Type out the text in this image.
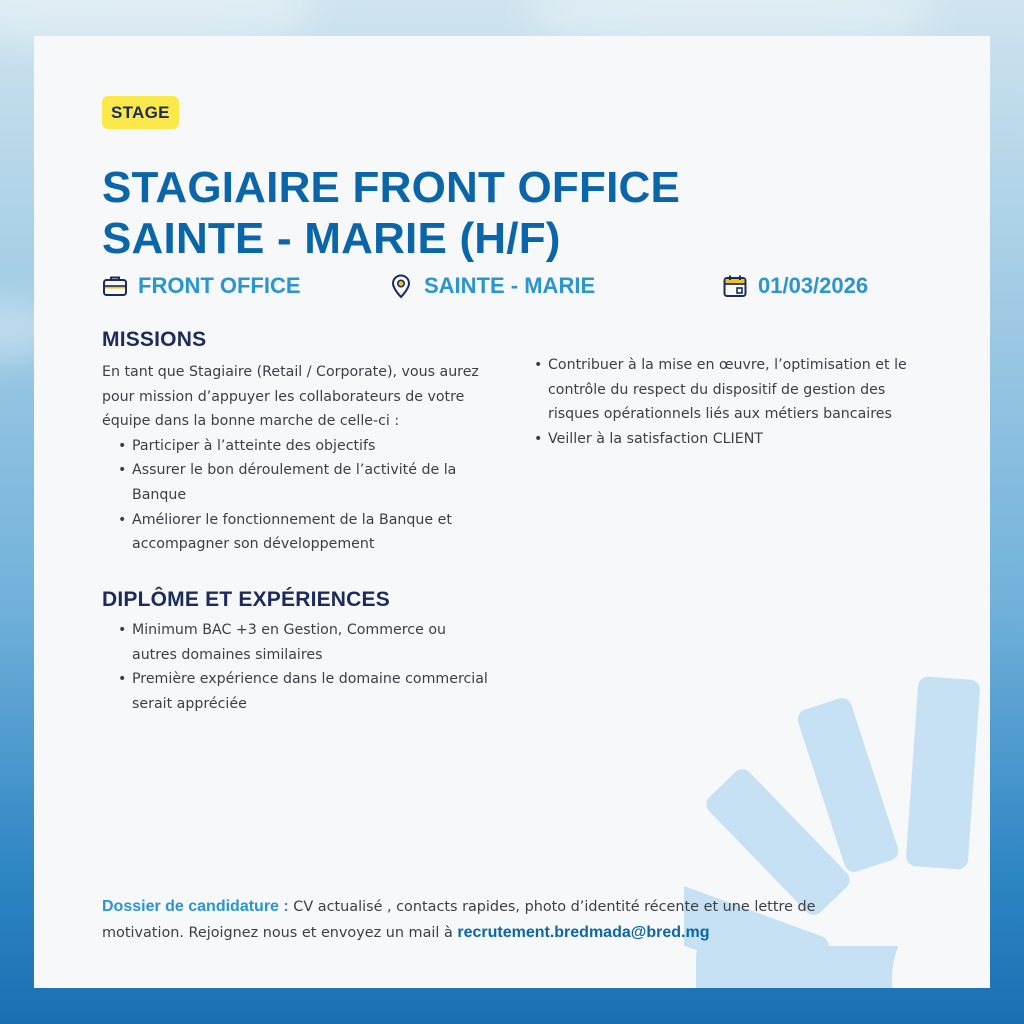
STAGE
STAGIAIRE FRONT OFFICE
SAINTE - MARIE (H/F)
FRONT OFFICE	SAINTE - MARIE	01/03/2026
MISSIONS

En tant que Stagiaire (Retail / Corporate), vous aurez pour mission d’appuyer les collaborateurs de votre équipe dans la bonne marche de celle-ci :

• Participer à l’atteinte des objectifs
• Assurer le bon déroulement de l’activité de la Banque
• Améliorer le fonctionnement de la Banque et accompagner son développement
• Contribuer à la mise en œuvre, l’optimisation et le contrôle du respect du dispositif de gestion des risques opérationnels liés aux métiers bancaires
• Veiller à la satisfaction CLIENT
DIPLÔME ET EXPÉRIENCES
• Minimum BAC +3 en Gestion, Commerce ou autres domaines similaires
• Première expérience dans le domaine commercial serait appréciée
Dossier de candidature : CV actualisé , contacts rapides, photo d’identité récente et une lettre de motivation. Rejoignez nous et envoyez un mail à recrutement.bredmada@bred.mg
